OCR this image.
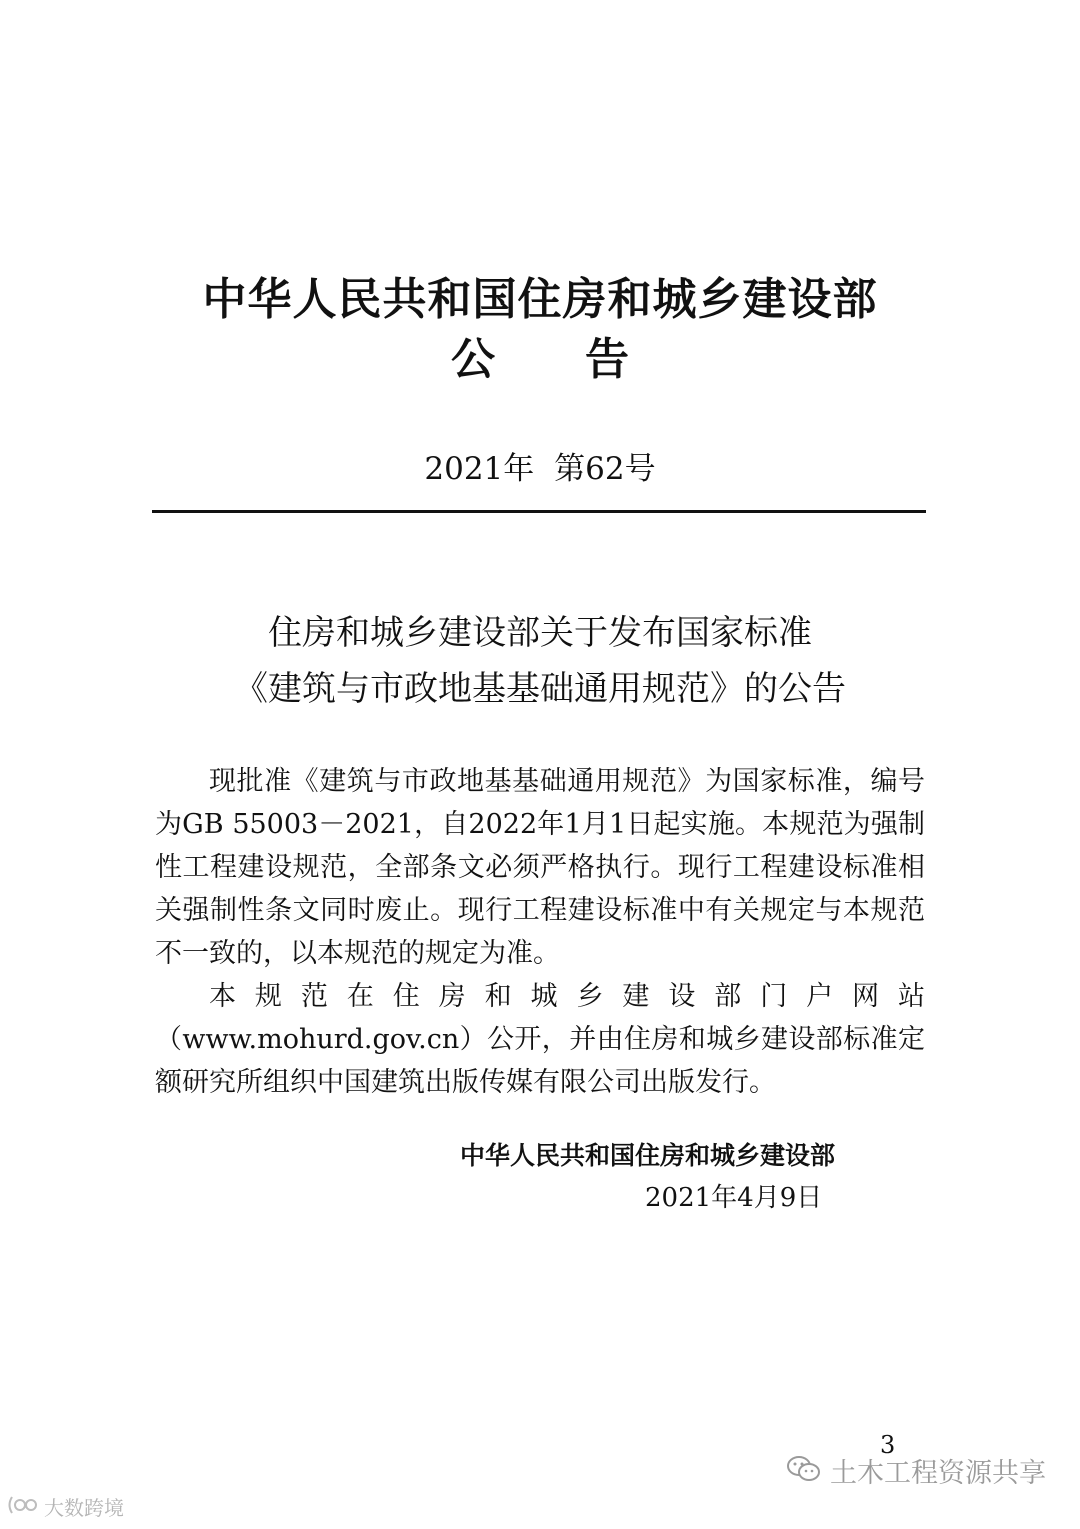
中华人民共和国住房和城乡建设部
公告
2021年 第62号
住房和城乡建设部关于发布国家标准
《建筑与市政地基基础通用规范》的公告

现批准《建筑与市政地基基础通用规范》为国家标准，编号为GB 55003－2021，自2022年1月1日起实施。本规范为强制性工程建设规范，全部条文必须严格执行。现行工程建设标准相关强制性条文同时废止。现行工程建设标准中有关规定与本规范不一致的，以本规范的规定为准。

本规范在住房和城乡建设部门户网站（www.mohurd.gov.cn）公开，并由住房和城乡建设部标准定额研究所组织中国建筑出版传媒有限公司出版发行。

中华人民共和国住房和城乡建设部
2021年4月9日
3
大数跨境
土木工程资源共享
